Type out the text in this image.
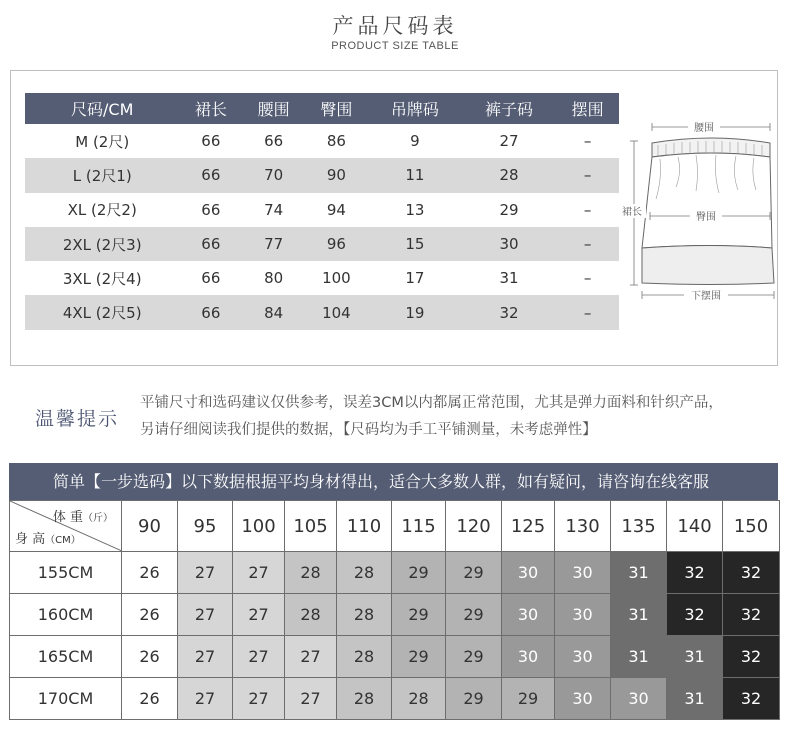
产品尺码表
PRODUCT SIZE TABLE
尺码/CM	裙长	腰围	臀围	吊牌码	裤子码	摆围
M (2尺)	66	66	86	9	27	–
L (2尺1)	66	70	90	11	28	–
XL (2尺2)	66	74	94	13	29	–
2XL (2尺3)	66	77	96	15	30	–
3XL (2尺4)	66	80	100	17	31	–
4XL (2尺5)	66	84	104	19	32	–
腰围
裙长	臀围
下摆围
温馨提示
平铺尺寸和选码建议仅供参考，误差3CM以内都属正常范围，尤其是弹力面料和针织产品，
另请仔细阅读我们提供的数据，【尺码均为手工平铺测量，未考虑弹性】
简单【一步选码】以下数据根据平均身材得出，适合大多数人群，如有疑问，请咨询在线客服
体 重（斤）
身 高（CM）	90	95	100	105	110	115	120	125	130	135	140	150
155CM	26	27	27	28	28	29	29	30	30	31	32	32
160CM	26	27	27	28	28	29	29	30	30	31	32	32
165CM	26	27	27	27	28	29	29	30	30	31	31	32
170CM	26	27	27	27	28	28	29	29	30	30	31	32
